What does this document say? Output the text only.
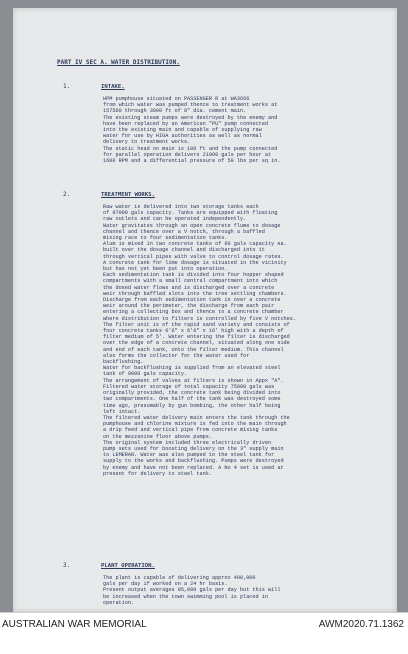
PART IV SEC A. WATER DISTRIBUTION.
1.	INTAKE.
HPM pumphouse situated on PASSENGER R at WA3666
from which water was pumped thence to treatment works at
157560 through 3000 ft of 8" dia. cement main.
The existing steam pumps were destroyed by the enemy and
have been replaced by an American "PU" pump connected
into the existing main and capable of supplying raw
water for use by HIGA authorities as well as normal
delivery to treatment works.
The static head on main is 100 ft and the pump connected
for parallel operation delivers 21000 gals per hour at
1600 RPM and a differential pressure of 50 lbs per sq in.
2.	TREATMENT WORKS.
Raw water is delivered into two storage tanks each
of 97000 gals capacity. Tanks are equipped with floating
raw outlets and can be operated independently.
Water gravitates through an open concrete flume to dosage
channel and thence over a V notch, through a baffled
mixing race to four sedimentation tanks.
Alum is mixed in two concrete tanks of 60 gals capacity ea.
built over the dosage channel and discharged into it
through vertical pipes with valve to control dosage rates.
A concrete tank for lime dosage is situated in the vicinity
but has not yet been put into operation.
Each sedimentation tank is divided into four hopper shaped
compartments with a small central compartment into which
the dosed water flows and is discharged over a concrete
weir through baffled slots into the tree settling chambers.
Discharge from each sedimentation tank is over a concrete
weir around the perimeter, the discharge from each pair
entering a collecting box and thence to a concrete chamber
where distribution to filters is controlled by five V notches.
The filter unit is of the rapid sand variety and consists of
four concrete tanks 6'6" x 6'6" x 16' high with a depth of
filter medium of 5'. Water entering the filter is discharged
over the edge of a concrete channel, situated along one side
and end of each tank, onto the filter medium. This channel
also forms the collector for the water used for
backflushing.
Water for backflushing is supplied from an elevated steel
tank of 9000 gals capacity.
The arrangement of valves at filters is shown in Appx "A".
Filtered water storage of total capacity 75000 gals was
originally provided, the concrete tank being divided into
two compartments. One half of the tank was destroyed some
time ago, presumably by gun bombing, the other half being
left intact.
The filtered water delivery main enters the tank through the
pumphouse and chlorine mixture is fed into the main through
a drip feed and vertical pipe from concrete mixing tanks
on the mezzanine floor above pumps.
The original system included three electrically driven
pump sets used for boosting delivery on the 3" supply main
to LEMERAN. Water was also pumped to the steel tank for
supply to the works and backflushing. Pumps were destroyed
by enemy and have not been replaced. A No 4 set is used at
present for delivery to steel tank.
3.	PLANT OPERATION.
The plant is capable of delivering approx 400,000
gals per day if worked on a 24 hr basis.
Present output averages 95,000 gals per day but this will
be increased when the town swimming pool is placed in
operation.
AUSTRALIAN WAR MEMORIAL	AWM2020.71.1362
